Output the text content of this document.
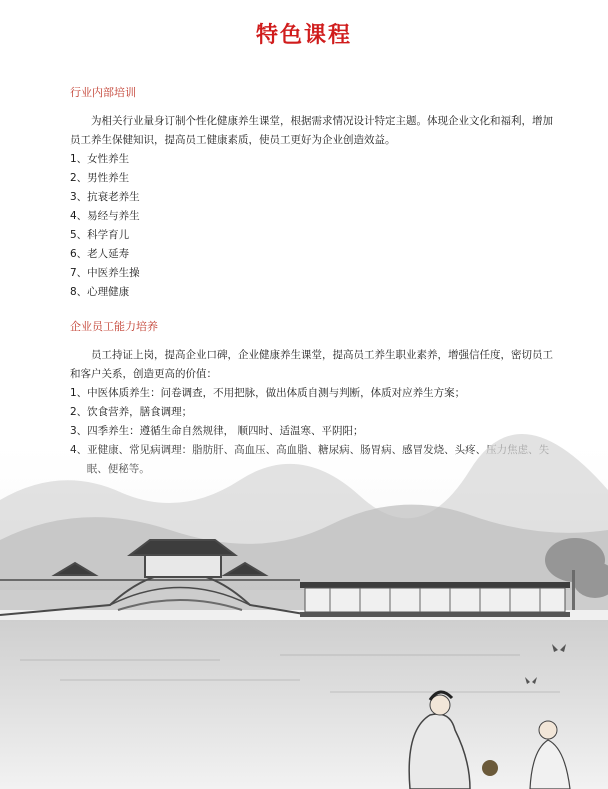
特色课程
行业内部培训

为相关行业量身订制个性化健康养生课堂，根据需求情况设计特定主题。体现企业文化和福利，增加员工养生保健知识，提高员工健康素质，使员工更好为企业创造效益。

1、女性养生
2、男性养生
3、抗衰老养生
4、易经与养生
5、科学育儿
6、老人延寿
7、中医养生操
8、心理健康
企业员工能力培养

员工持证上岗，提高企业口碑，企业健康养生课堂，提高员工养生职业素养，增强信任度，密切员工和客户关系，创造更高的价值：

1、中医体质养生：问卷调查，不用把脉，做出体质自测与判断，体质对应养生方案；
2、饮食营养，膳食调理；
